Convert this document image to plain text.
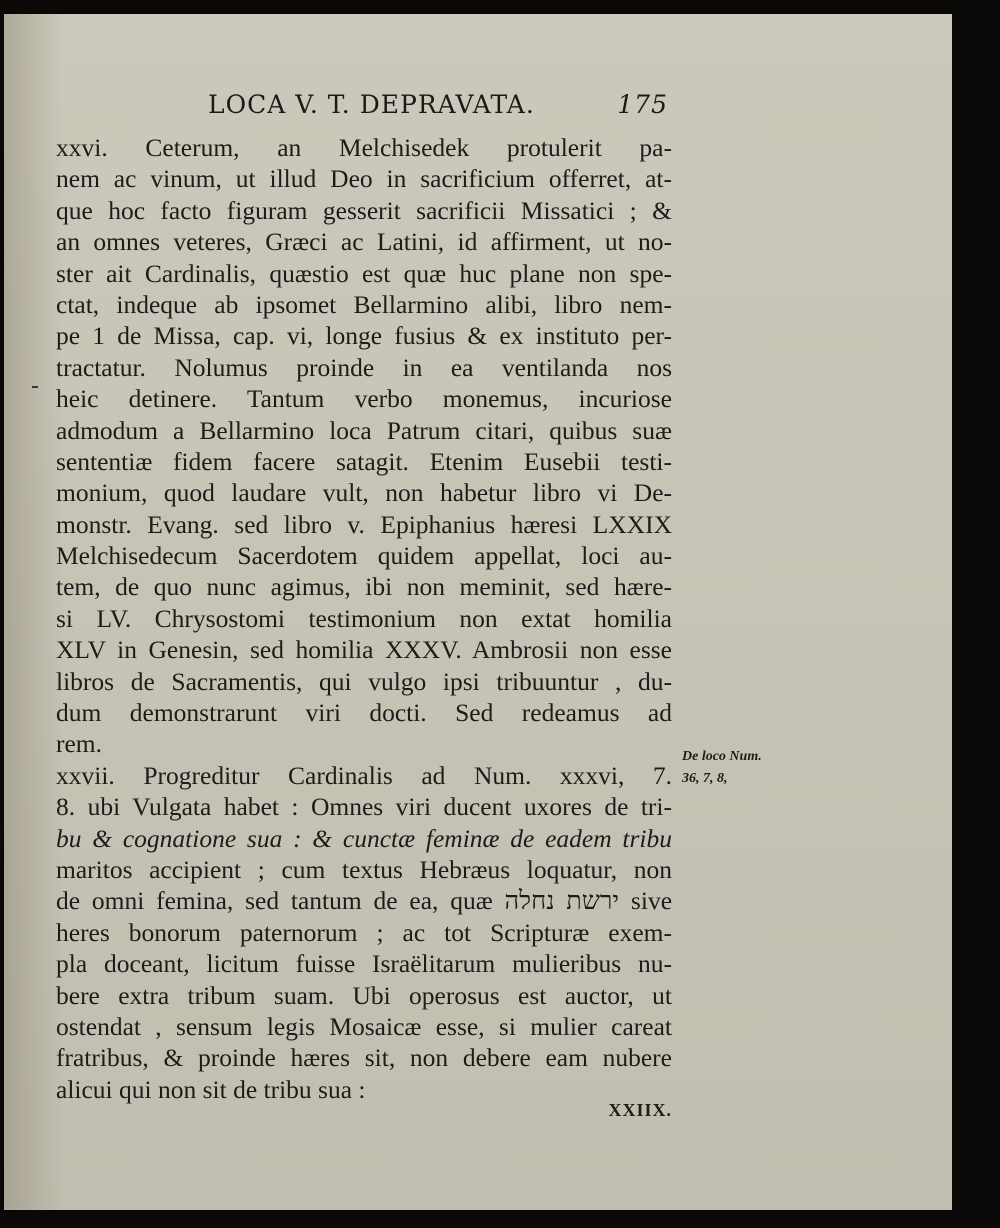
LOCA V. T. DEPRAVATA.	175
xxvi. Ceterum, an Melchisedek protulerit pa-
nem ac vinum, ut illud Deo in sacrificium offerret, at-
que hoc facto figuram gesserit sacrificii Missatici ; &
an omnes veteres, Græci ac Latini, id affirment, ut no-
ster ait Cardinalis, quæstio est quæ huc plane non spe-
ctat, indeque ab ipsomet Bellarmino alibi, libro nem-
pe 1 de Missa, cap. vi, longe fusius & ex instituto per-
tractatur. Nolumus proinde in ea ventilanda nos
heic detinere. Tantum verbo monemus, incuriose
admodum a Bellarmino loca Patrum citari, quibus suæ
sententiæ fidem facere satagit. Etenim Eusebii testi-
monium, quod laudare vult, non habetur libro vi De-
monstr. Evang. sed libro v. Epiphanius hæresi LXXIX
Melchisedecum Sacerdotem quidem appellat, loci au-
tem, de quo nunc agimus, ibi non meminit, sed hære-
si LV. Chrysostomi testimonium non extat homilia
XLV in Genesin, sed homilia XXXV. Ambrosii non esse
libros de Sacramentis, qui vulgo ipsi tribuuntur , du-
dum demonstrarunt viri docti. Sed redeamus ad
rem.
xxvii. Progreditur Cardinalis ad Num. xxxvi, 7.
8. ubi Vulgata habet : Omnes viri ducent uxores de tri-
bu & cognatione sua : & cunctæ feminæ de eadem tribu
maritos accipient ; cum textus Hebræus loquatur, non
de omni femina, sed tantum de ea, quæ ירשת נחלה sive
heres bonorum paternorum ; ac tot Scripturæ exem-
pla doceant, licitum fuisse Israëlitarum mulieribus nu-
bere extra tribum suam. Ubi operosus est auctor, ut
ostendat , sensum legis Mosaicæ esse, si mulier careat
fratribus, & proinde hæres sit, non debere eam nubere
alicui qui non sit de tribu sua :
De loco Num.
36, 7, 8,
XXIIX.
